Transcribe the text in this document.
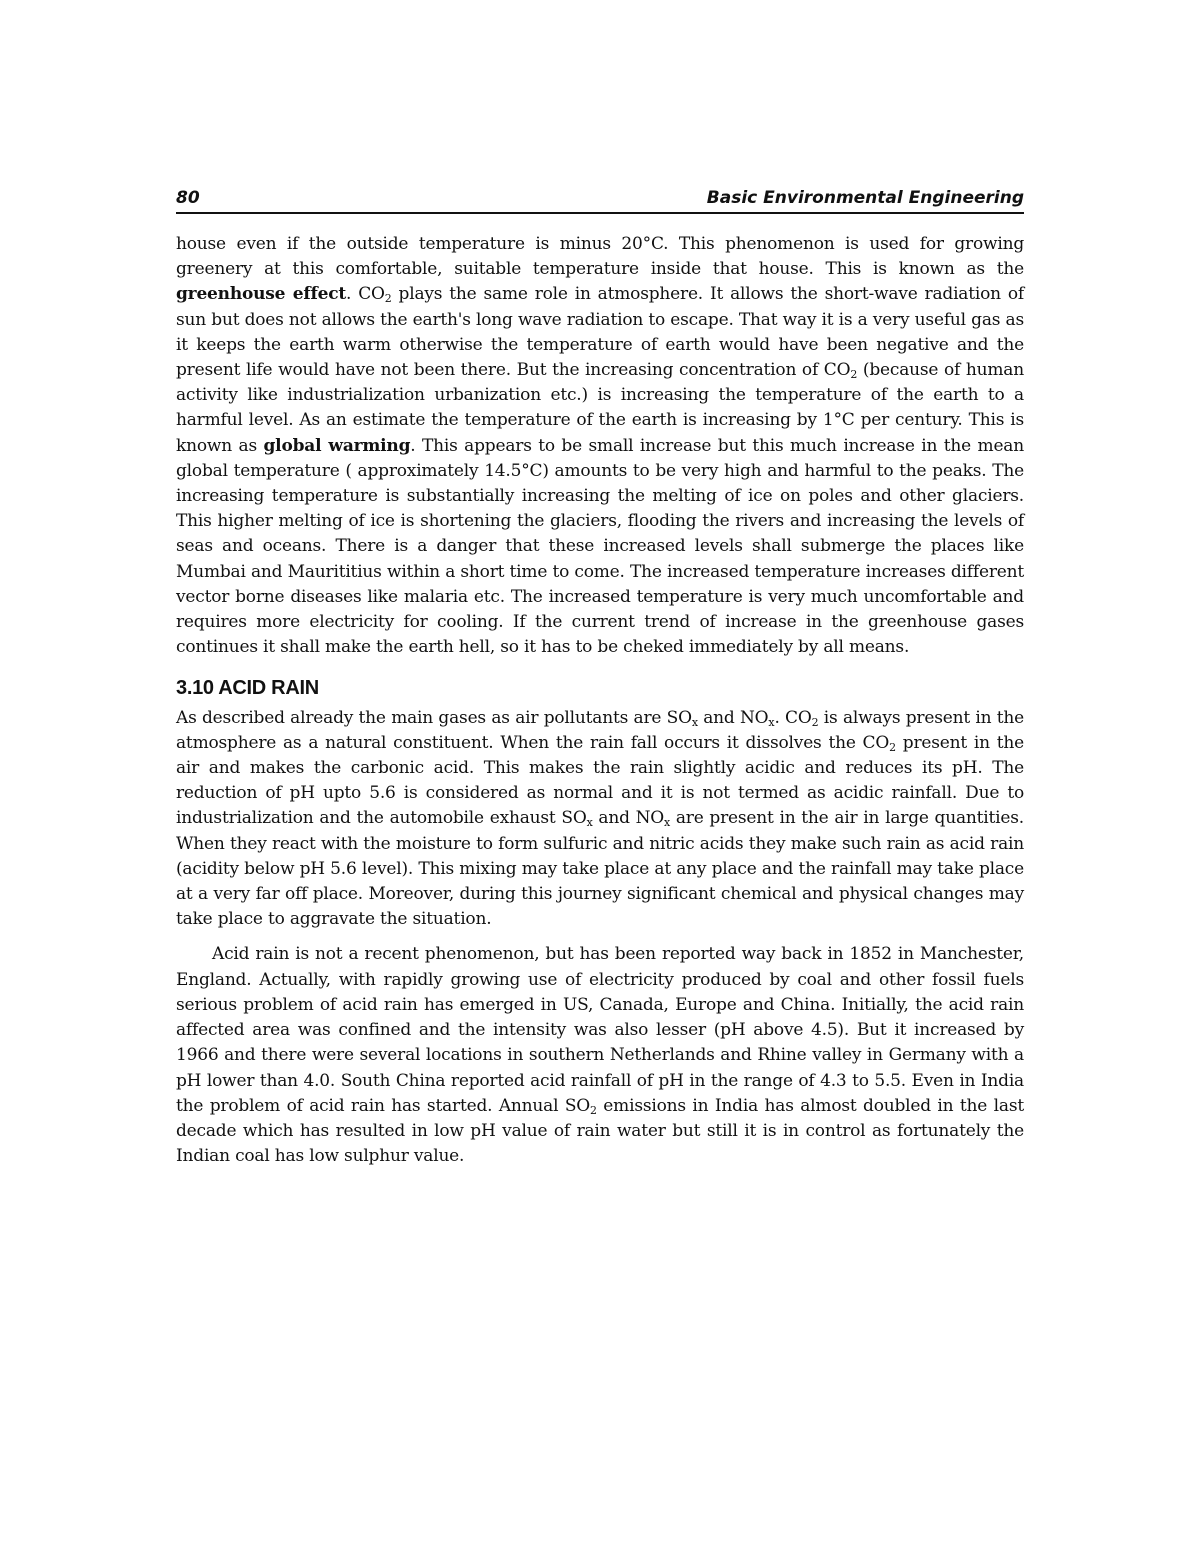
80	Basic Environmental Engineering

house even if the outside temperature is minus 20°C. This phenomenon is used for growing greenery at this comfortable, suitable temperature inside that house. This is known as the greenhouse effect. $CO_2$ plays the same role in atmosphere. It allows the short-wave radiation of sun but does not allows the earth's long wave radiation to escape. That way it is a very useful gas as it keeps the earth warm otherwise the temperature of earth would have been negative and the present life would have not been there. But the increasing concentration of $CO_2$ (because of human activity like industrialization urbanization etc.) is increasing the temperature of the earth to a harmful level. As an estimate the temperature of the earth is increasing by 1°C per century. This is known as global warming. This appears to be small increase but this much increase in the mean global temperature ( approximately 14.5°C) amounts to be very high and harmful to the peaks. The increasing temperature is substantially increasing the melting of ice on poles and other glaciers. This higher melting of ice is shortening the glaciers, flooding the rivers and increasing the levels of seas and oceans. There is a danger that these increased levels shall submerge the places like Mumbai and Maurititius within a short time to come. The increased temperature increases different vector borne diseases like malaria etc. The increased temperature is very much uncomfortable and requires more electricity for cooling. If the current trend of increase in the greenhouse gases continues it shall make the earth hell, so it has to be cheked immediately by all means.

3.10 ACID RAIN

As described already the main gases as air pollutants are $SO_x$ and $NO_x$. $CO_2$ is always present in the atmosphere as a natural constituent. When the rain fall occurs it dissolves the $CO_2$ present in the air and makes the carbonic acid. This makes the rain slightly acidic and reduces its pH. The reduction of pH upto 5.6 is considered as normal and it is not termed as acidic rainfall. Due to industrialization and the automobile exhaust $SO_x$ and $NO_x$ are present in the air in large quantities. When they react with the moisture to form sulfuric and nitric acids they make such rain as acid rain (acidity below pH 5.6 level). This mixing may take place at any place and the rainfall may take place at a very far off place. Moreover, during this journey significant chemical and physical changes may take place to aggravate the situation.

Acid rain is not a recent phenomenon, but has been reported way back in 1852 in Manchester, England. Actually, with rapidly growing use of electricity produced by coal and other fossil fuels serious problem of acid rain has emerged in US, Canada, Europe and China. Initially, the acid rain affected area was confined and the intensity was also lesser (pH above 4.5). But it increased by 1966 and there were several locations in southern Netherlands and Rhine valley in Germany with a pH lower than 4.0. South China reported acid rainfall of pH in the range of 4.3 to 5.5. Even in India the problem of acid rain has started. Annual $SO_2$ emissions in India has almost doubled in the last decade which has resulted in low pH value of rain water but still it is in control as fortunately the Indian coal has low sulphur value.
